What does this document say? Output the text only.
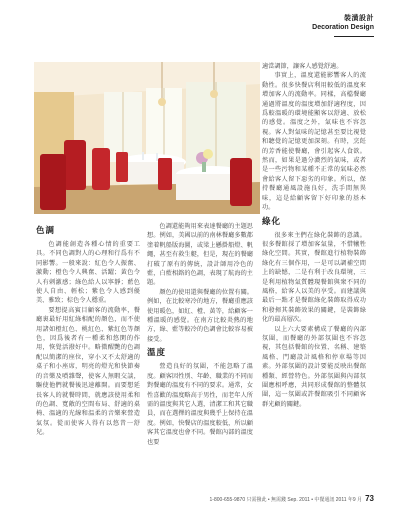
裝潢設計
Decoration Design
色調

色調能創造各種心情的重要工具。不同色調對人的心理和行爲有不同影響。一般來說：紅色令人振奮、激動；橙色令人興奮、活躍；黃色令人有刺激感；綠色給人以寧靜；藍色使人自由、輕松；紫色令人感到優美、雅致；棕色令人穩重。

要想提高賓目顧客的流動率，餐廳裏最好用紅綠相配的顏色，而不使用諸如橙紅色、桃紅色、紫紅色等顏色，因爲後者有一種柔和悠閑的作用，恢覺活潑好中。略微醒艷的色調配以簡潔的座位，穿小又不太舒適的桌子和小座席，明亮的燈光和快節奏的音樂及噴雜聲，使客人無暇交談，驅使他們就餐後迅速離開。而要想延長客人的就餐時間，就應該使用柔和的色調、寬敞的空間布局、舒適的桌椅、溫適的光線和温柔的音樂來營造氣氛。從而使客人得有以悠昔一舒兒。

色調還能夠用來表達餐廳的主題思想。例如，美國以前的南林餐廳多數都塗着帆船版海圖，或梁上懸掛船燈、帆繩，甚至有救生艇，但是，現在的餐廳打破了原有的傳統，設計師用冷色的藍，白藍相鉻的色調，表現了航海的主題。

顏色的使用還與餐廳的位置有關。例如，在比較寒冷的地方，餐廳重應該使用暖色，如紅、橙、黃等，給顧客一種溫暖的感覺。在南方比較炎熱的地方，綠、藍等較冷的色調會比較容易被接受。

溫度

營造良好的氛圍，不能忽略了溫度。顧客因性別、年齡、職業的不同而對餐廳的溫度有不同的要求。通常，女性喜歡的溫度略高于男性，而老年人所需的溫度與其它人選，清潔工和其它職員，而在選擇的溫度與幾乎上保持在溫度。例如，快餐店的溫度較低，所以顧客其它溫度也會不同。餐館內部的溫度也要

適當調節，讓客人感覺舒適。

事實上，溫度還能影響客人的流動性。很多快餐店利用較低的溫度來增加客人的流動率。同樣，高檔餐廳通過將溫度的溫度增加舒適程度，因爲較溫暖的環境能顯客以舒適、放松的感覺。溫度之外，氣味也不容忽視。客人對氣味的記憶甚至要比視覺和聽覺的記憶更加深刻。有時，烹飪的芳香能使餐廳，會引起客人食欲。然而，如果是過分濃烈的氣味，或者是一些污物和某種不正常的氣味必然會給客人留下惡劣的印象。所以，保持餐廳通風設施良好，洗手間無異味，這是給顧客留下好印象的基本功。

綠化

很多來主們在綠化裝飾的意識。很多餐館採了增加客氣量，不惜犧牲綠化空間。其實，餐館進行植物裝飾綠化有三個作用，一是可以調補空間上的缺憾，二是有利于改良環境，三是利用植物氣質體現餐館與衆不同的風格，給客人以美的享受。而建議與最后一點才是餐館綠化裝飾取得成功和發揮其裝飾效果的關鍵，是裝飾綠化的最高層次。

以上六大要素構成了餐廳的內部氛圍，而餐廳的外部氛圍也不容忽視，其包括餐館的位置、名稱、建築風格、門廳設計風格和停車場等因素。外部氛圍的設計要能反映出餐館種類、經營特色。外部氛圍與內部氛圍應相呼應，共同形成餐館的整體氛圍，這一氛圍或許餐館吸引不同顧客群光顧的關鍵。

1-800-655-9870 只需撥此 • 無需錢 Sep. 2011 • 中餐通訊 2011 年9 月 73
